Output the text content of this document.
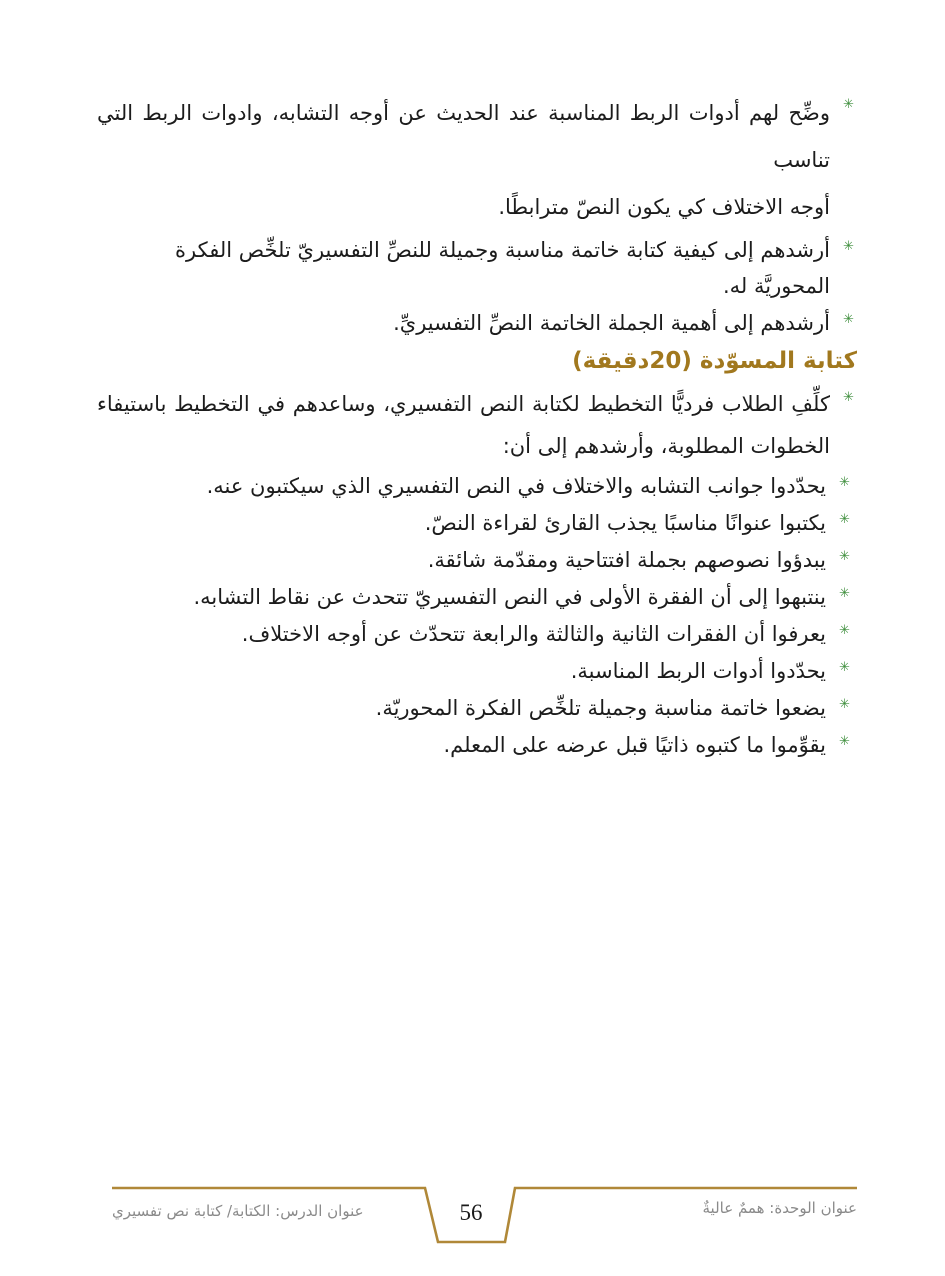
✳
وضِّح لهم أدوات الربط المناسبة عند الحديث عن أوجه التشابه، وادوات الربط التي تناسب
أوجه الاختلاف كي يكون النصّ مترابطًا.
✳
أرشدهم إلى كيفية كتابة خاتمة مناسبة وجميلة للنصِّ التفسيريّ تلخِّص الفكرة المحوريَّة له.
✳
أرشدهم إلى أهمية الجملة الخاتمة النصِّ التفسيريِّ.
كتابة المسوّدة (20دقيقة)
✳
كلِّفِ الطلاب فرديًّا التخطيط لكتابة النص التفسيري، وساعدهم في التخطيط باستيفاء
الخطوات المطلوبة، وأرشدهم إلى أن:
✳
يحدّدوا جوانب التشابه والاختلاف في النص التفسيري الذي سيكتبون عنه.
✳
يكتبوا عنوانًا مناسبًا يجذب القارئ لقراءة النصّ.
✳
يبدؤوا نصوصهم بجملة افتتاحية ومقدّمة شائقة.
✳
ينتبهوا إلى أن الفقرة الأولى في النص التفسيريّ تتحدث عن نقاط التشابه.
✳
يعرفوا أن الفقرات الثانية والثالثة والرابعة تتحدّث عن أوجه الاختلاف.
✳
يحدّدوا أدوات الربط المناسبة.
✳
يضعوا خاتمة مناسبة وجميلة تلخِّص الفكرة المحوريّة.
✳
يقوِّموا ما كتبوه ذاتيًا قبل عرضه على المعلم.
56	عنوان الوحدة: هممٌ عاليةٌ
عنوان الدرس: الكتابة/ كتابة نص تفسيري
